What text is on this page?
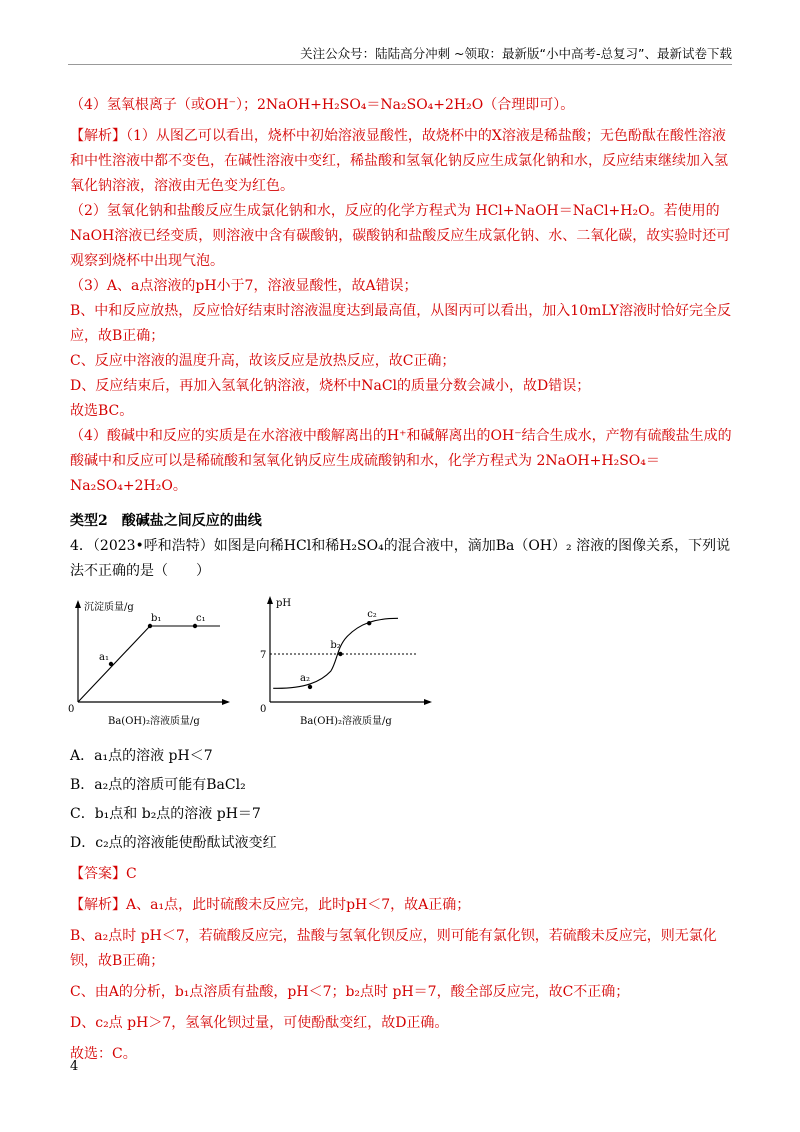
关注公众号：陆陆高分冲刺 ~领取：最新版“小中高考-总复习”、最新试卷下载

（4）氢氧根离子（或OH⁻）；2NaOH+H₂SO₄＝Na₂SO₄+2H₂O（合理即可）。

【解析】（1）从图乙可以看出，烧杯中初始溶液显酸性，故烧杯中的X溶液是稀盐酸；无色酚酞在酸性溶液和中性溶液中都不变色，在碱性溶液中变红，稀盐酸和氢氧化钠反应生成氯化钠和水，反应结束继续加入氢氧化钠溶液，溶液由无色变为红色。

（2）氢氧化钠和盐酸反应生成氯化钠和水，反应的化学方程式为 HCl+NaOH＝NaCl+H₂O。若使用的NaOH溶液已经变质，则溶液中含有碳酸钠，碳酸钠和盐酸反应生成氯化钠、水、二氧化碳，故实验时还可观察到烧杯中出现气泡。

（3）A、a点溶液的pH小于7，溶液显酸性，故A错误；

B、中和反应放热，反应恰好结束时溶液温度达到最高值，从图丙可以看出，加入10mLY溶液时恰好完全反应，故B正确；

C、反应中溶液的温度升高，故该反应是放热反应，故C正确；

D、反应结束后，再加入氢氧化钠溶液，烧杯中NaCl的质量分数会减小，故D错误；

故选BC。

（4）酸碱中和反应的实质是在水溶液中酸解离出的H⁺和碱解离出的OH⁻结合生成水，产物有硫酸盐生成的酸碱中和反应可以是稀硫酸和氢氧化钠反应生成硫酸钠和水，化学方程式为 2NaOH+H₂SO₄＝Na₂SO₄+2H₂O。

类型2 酸碱盐之间反应的曲线

4．（2023•呼和浩特）如图是向稀HCl和稀H₂SO₄的混合液中，滴加Ba（OH）₂ 溶液的图像关系，下列说法不正确的是（　　）

0
Ba(OH)₂溶液质量/g
沉淀质量/g
a₁
b₁	c₁
0
Ba(OH)₂溶液质量/g
pH
7
a₂
b₂
c₂

A．a₁点的溶液 pH＜7

B．a₂点的溶质可能有BaCl₂

C．b₁点和 b₂点的溶液 pH＝7

D．c₂点的溶液能使酚酞试液变红

【答案】C

【解析】A、a₁点，此时硫酸未反应完，此时pH＜7，故A正确；

B、a₂点时 pH＜7，若硫酸反应完，盐酸与氢氧化钡反应，则可能有氯化钡，若硫酸未反应完，则无氯化钡，故B正确；

C、由A的分析，b₁点溶质有盐酸，pH＜7；b₂点时 pH＝7，酸全部反应完，故C不正确；

D、c₂点 pH＞7，氢氧化钡过量，可使酚酞变红，故D正确。

故选：C。

4
